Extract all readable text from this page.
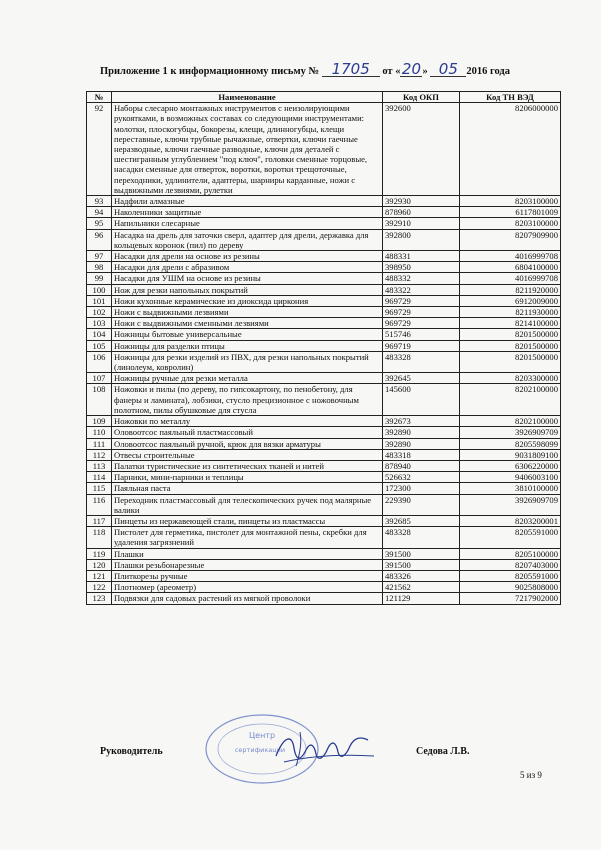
Приложение 1 к информационному письму № 1705 от «20» 05 2016 года
№	Наименование	Код ОКП	Код ТН ВЭД
92	Наборы слесарно монтажных инструментов с неизолирующими рукоятками, в возможных составах со следующими инструментами: молотки, плоскогубцы, бокорезы, клещи, длинногубцы, клещи переставные, ключи трубные рычажные, отвертки, ключи гаечные неразводные, ключи гаечные разводные, ключи для деталей с шестигранным углублением "под ключ", головки сменные торцовые, насадки сменные для отверток, воротки, воротки трещоточные, переходники, удлинители, адаптеры, шарниры карданные, ножи с выдвижными лезвиями, рулетки	392600	8206000000
93	Надфили алмазные	392930	8203100000
94	Наколенники защитные	878960	6117801009
95	Напильники слесарные	392910	8203100000
96	Насадка на дрель для заточки сверл, адаптер для дрели, державка для кольцевых коронок (пил) по дереву	392800	8207909900
97	Насадки для дрели на основе из резины	488331	4016999708
98	Насадки для дрели с абразивом	398950	6804100000
99	Насадки для УШМ на основе из резины	488332	4016999708
100	Нож для резки напольных покрытий	483322	8211920000
101	Ножи кухонные керамические из диоксида циркония	969729	6912009000
102	Ножи с выдвижными лезвиями	969729	8211930000
103	Ножи с выдвижными сменными лезвиями	969729	8214100000
104	Ножницы бытовые универсальные	515746	8201500000
105	Ножницы для разделки птицы	969719	8201500000
106	Ножницы для резки изделий из ПВХ, для резки напольных покрытий (линолеум, ковролин)	483328	8201500000
107	Ножницы ручные для резки металла	392645	8203300000
108	Ножовки и пилы (по дереву, по гипсокартону, по пенобетону, для фанеры и ламината), лобзики, стусло прецизионное с ножовочным полотном, пилы обушковые для стусла	145600	8202100000
109	Ножовки по металлу	392673	8202100000
110	Оловоотсос паяльный пластмассовый	392890	3926909709
111	Оловоотсос паяльный ручной, крюк для вязки арматуры	392890	8205598099
112	Отвесы строительные	483318	9031809100
113	Палатки туристические из синтетических тканей и нитей	878940	6306220000
114	Парники, мини-парники и теплицы	526632	9406003100
115	Паяльная паста	172300	3810100000
116	Переходник пластмассовый для телескопических ручек под малярные валики	229390	3926909709
117	Пинцеты из нержавеющей стали, пинцеты из пластмассы	392685	8203200001
118	Пистолет для герметика, пистолет для монтажной пены, скребки для удаления загрязнений	483328	8205591000
119	Плашки	391500	8205100000
120	Плашки резьбонарезные	391500	8207403000
121	Плиткорезы ручные	483326	8205591000
122	Плотномер (ареометр)	421562	9025808000
123	Подвязки для садовых растений из мягкой проволоки	121129	7217902000
Руководитель	Седова Л.В.
5 из 9
Центр
сертификации
